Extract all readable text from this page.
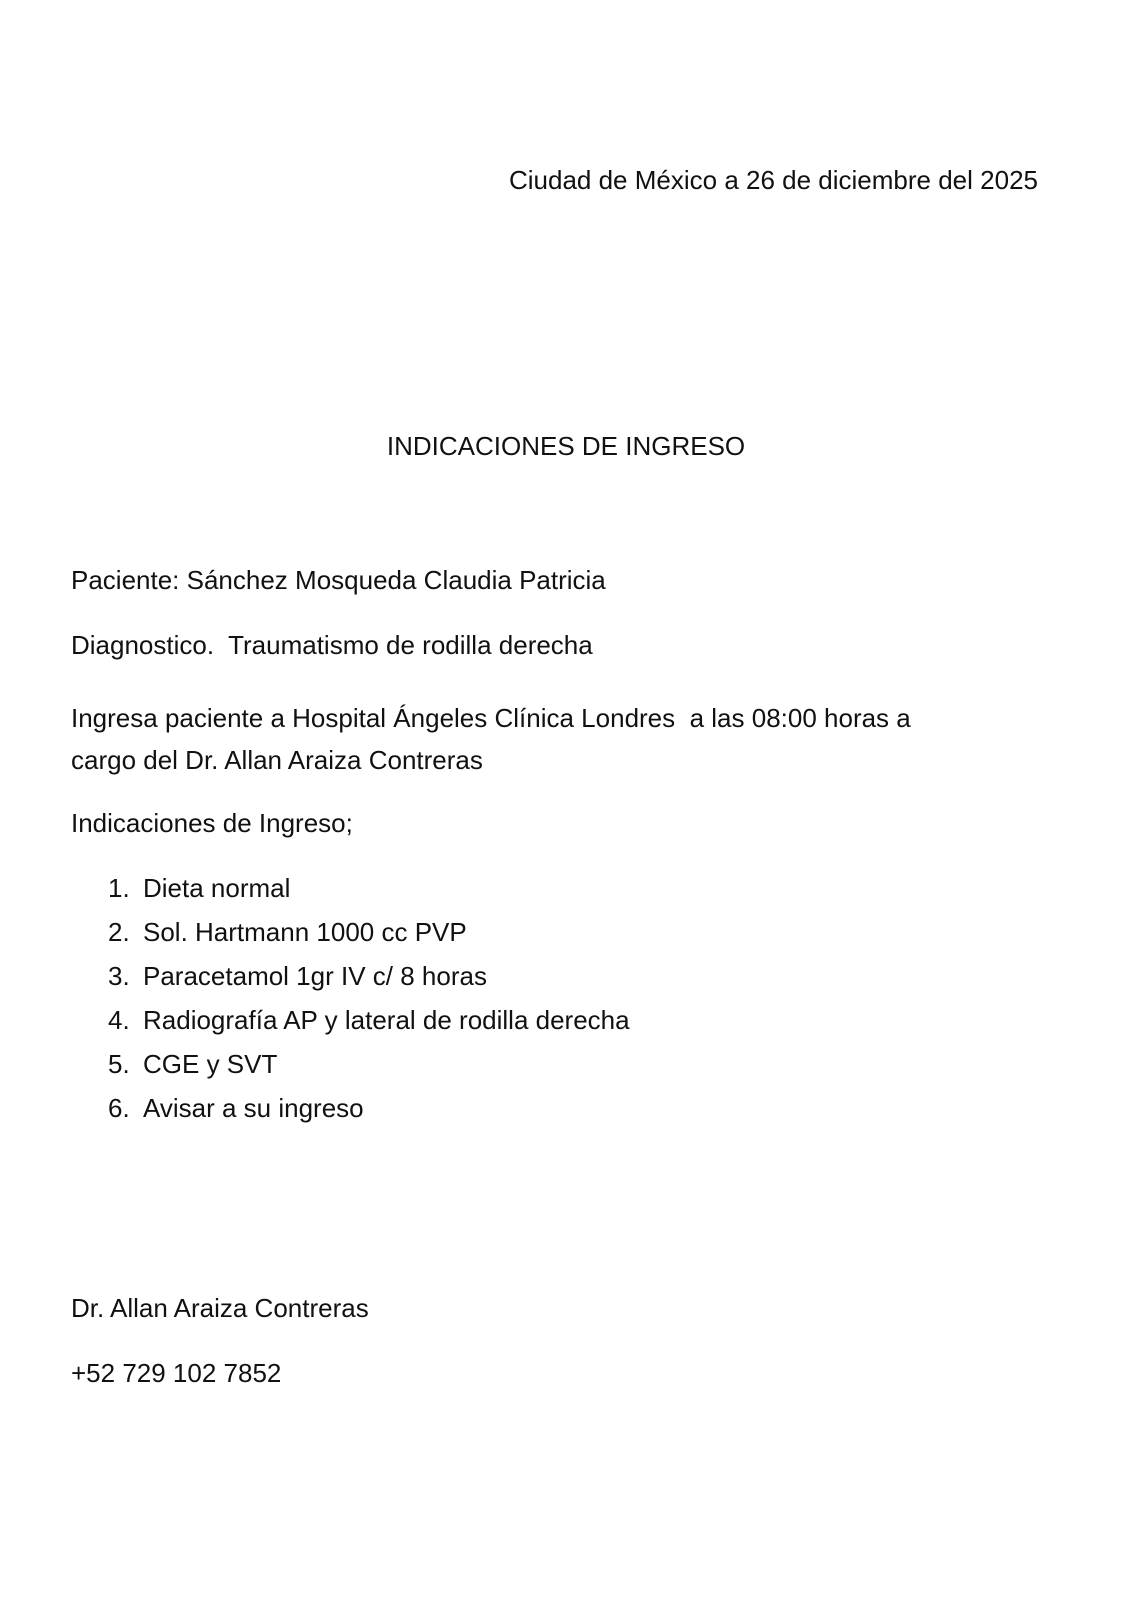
Ciudad de México a 26 de diciembre del 2025

INDICACIONES DE INGRESO

Paciente: Sánchez Mosqueda Claudia Patricia

Diagnostico. Traumatismo de rodilla derecha

Ingresa paciente a Hospital Ángeles Clínica Londres  a las 08:00 horas a
cargo del Dr. Allan Araiza Contreras

Indicaciones de Ingreso;

1. Dieta normal
2. Sol. Hartmann 1000 cc PVP
3. Paracetamol 1gr IV c/ 8 horas
4. Radiografía AP y lateral de rodilla derecha
5. CGE y SVT
6. Avisar a su ingreso

Dr. Allan Araiza Contreras

+52 729 102 7852
